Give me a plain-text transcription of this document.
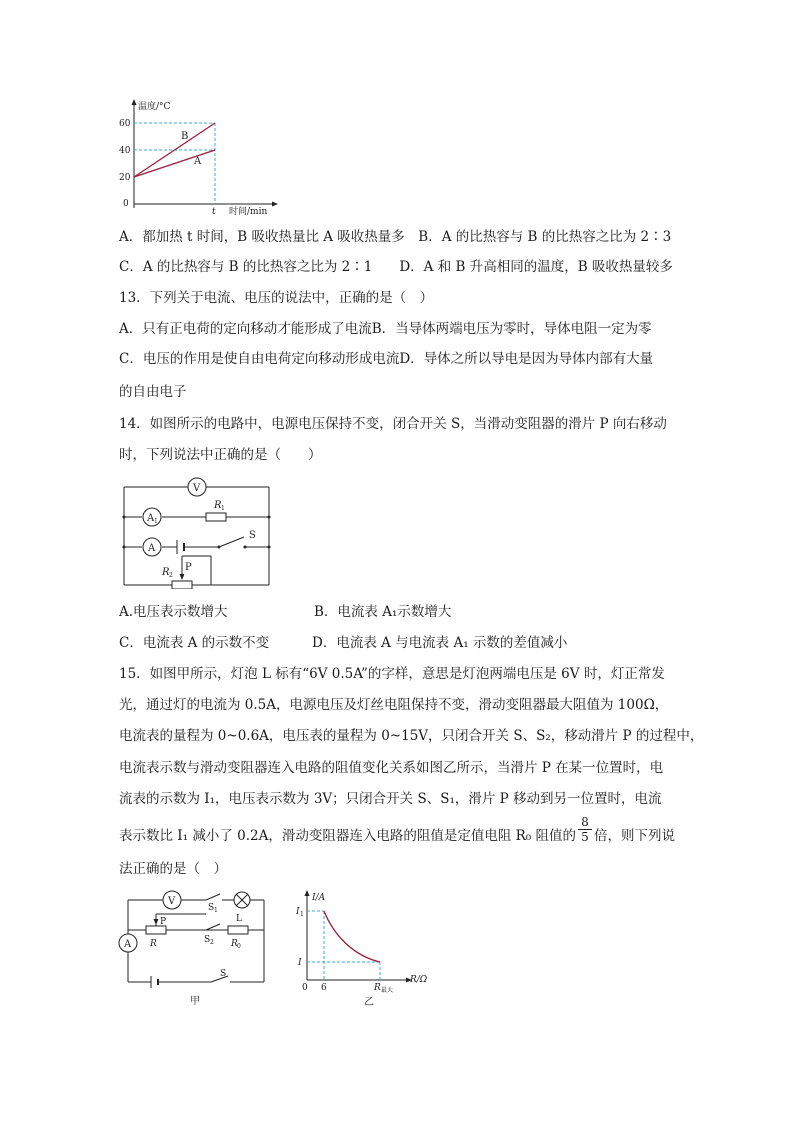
温度/°C
60
40
20
0
t 时间/min
B
A
A．都加热 t 时间，B 吸收热量比 A 吸收热量多　B．A 的比热容与 B 的比热容之比为 2∶3
C．A 的比热容与 B 的比热容之比为 2∶1　　D．A 和 B 升高相同的温度，B 吸收热量较多
13．下列关于电流、电压的说法中，正确的是（　）
A．只有正电荷的定向移动才能形成了电流B．当导体两端电压为零时，导体电阻一定为零
C．电压的作用是使自由电荷定向移动形成电流D．导体之所以导电是因为导体内部有大量
的自由电子
14．如图所示的电路中，电源电压保持不变，闭合开关 S，当滑动变阻器的滑片 P 向右移动
时，下列说法中正确的是（　　）
V
A 1
R 1
A
S
R 2
P
A.电压表示数增大	B．电流表 A₁示数增大
C．电流表 A 的示数不变	D．电流表 A 与电流表 A₁ 示数的差值减小
15．如图甲所示，灯泡 L 标有“6V 0.5A”的字样，意思是灯泡两端电压是 6V 时，灯正常发
光，通过灯的电流为 0.5A，电源电压及灯丝电阻保持不变，滑动变阻器最大阻值为 100Ω，
电流表的量程为 0~0.6A，电压表的量程为 0~15V，只闭合开关 S、S₂，移动滑片 P 的过程中，
电流表示数与滑动变阻器连入电路的阻值变化关系如图乙所示，当滑片 P 在某一位置时，电
流表的示数为 I₁，电压表示数为 3V；只闭合开关 S、S₁，滑片 P 移动到另一位置时，电流
表示数比 I₁ 减小了 0.2A，滑动变阻器连入电路的阻值是定值电阻 R₀ 阻值的
8
5 倍，则下列说
法正确的是（　）
V
S 1
L
P
R	S 2 R 0
A
S
甲
I/A
I 1
I
0 6	R 最大
R/Ω
乙
